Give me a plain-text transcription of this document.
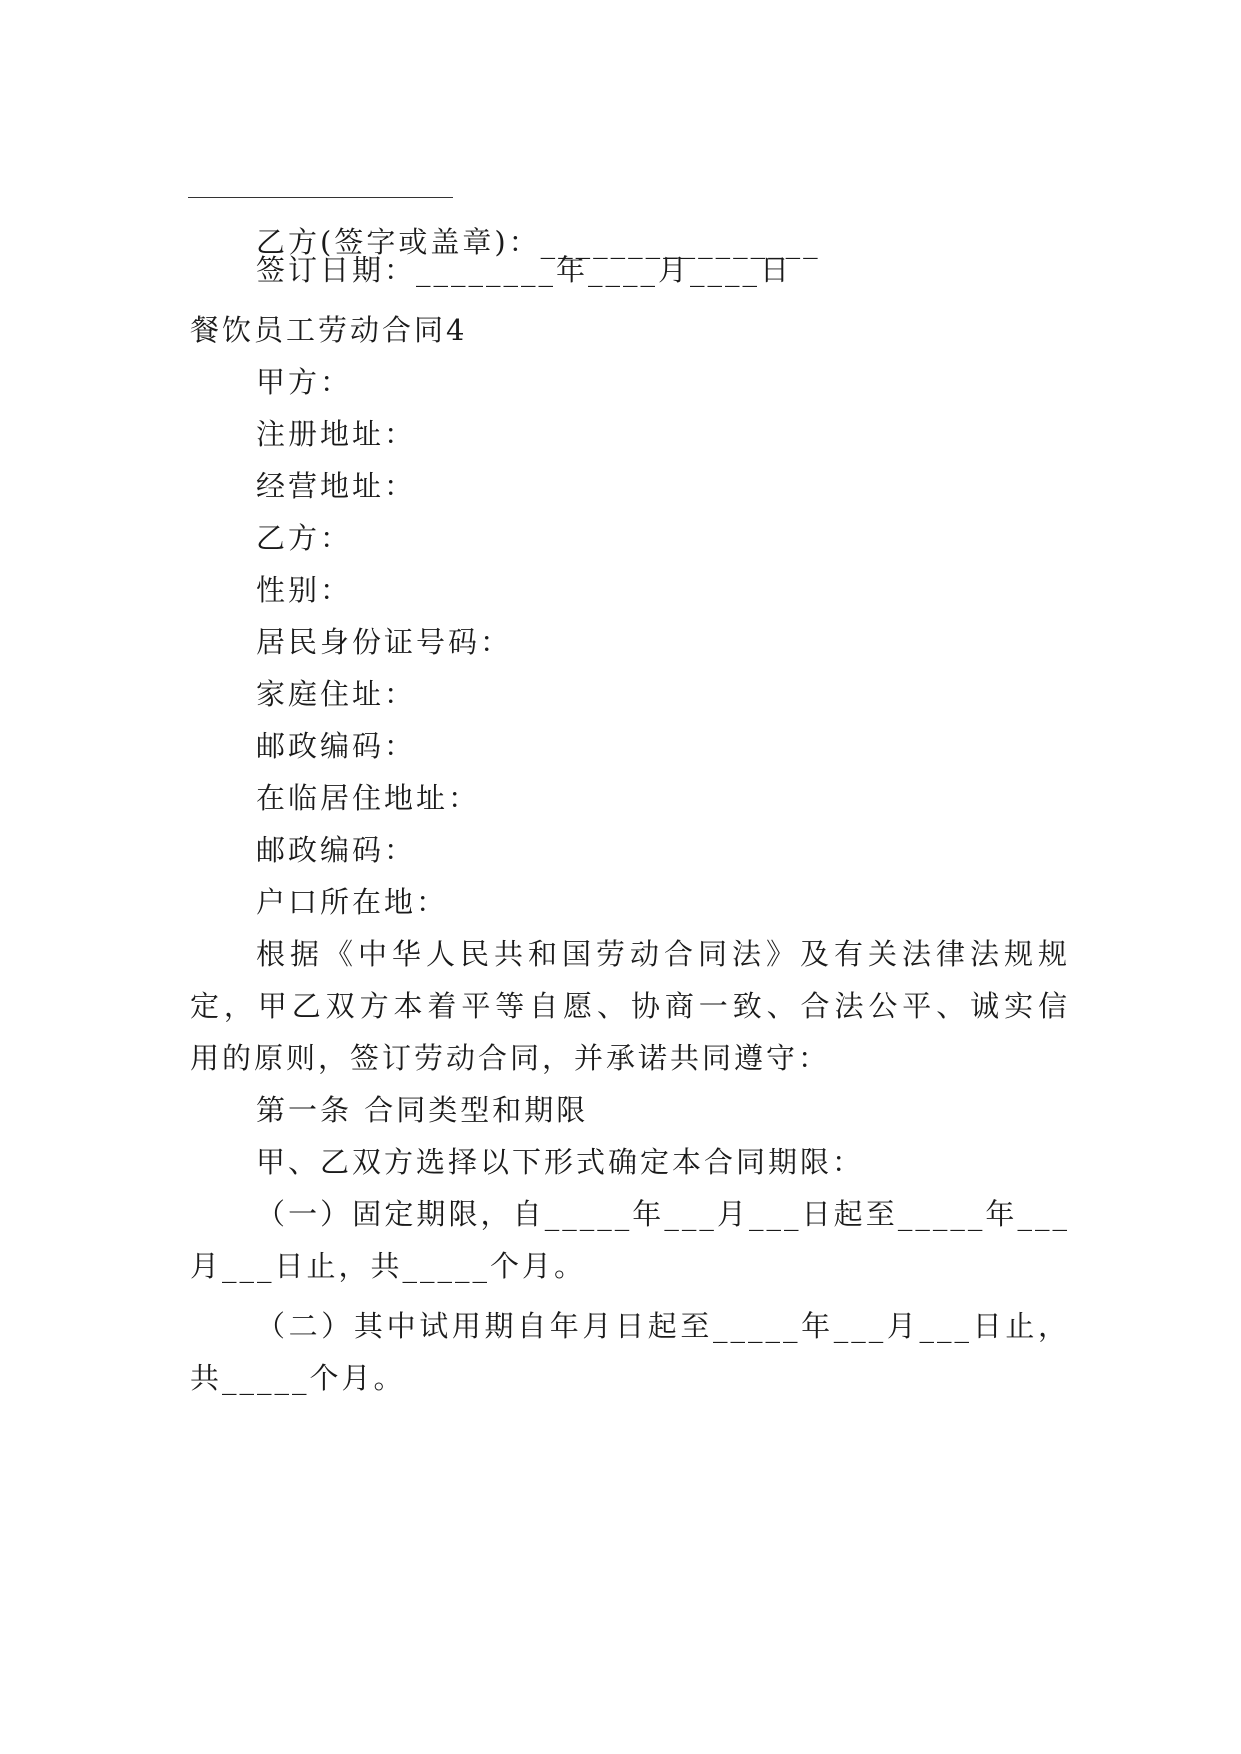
乙方(签字或盖章)：________________
签订日期：________年____月____日
餐饮员工劳动合同4
甲方：
注册地址：
经营地址：
乙方：
性别：
居民身份证号码：
家庭住址：
邮政编码：
在临居住地址：
邮政编码：
户口所在地：
根据《中华人民共和国劳动合同法》及有关法律法规规
定，甲乙双方本着平等自愿、协商一致、合法公平、诚实信
用的原则，签订劳动合同，并承诺共同遵守：
第一条 合同类型和期限
甲、乙双方选择以下形式确定本合同期限：
（一）固定期限，自_____年___月___日起至_____年___
月___日止，共_____个月。
（二）其中试用期自年月日起至_____年___月___日止，
共_____个月。
